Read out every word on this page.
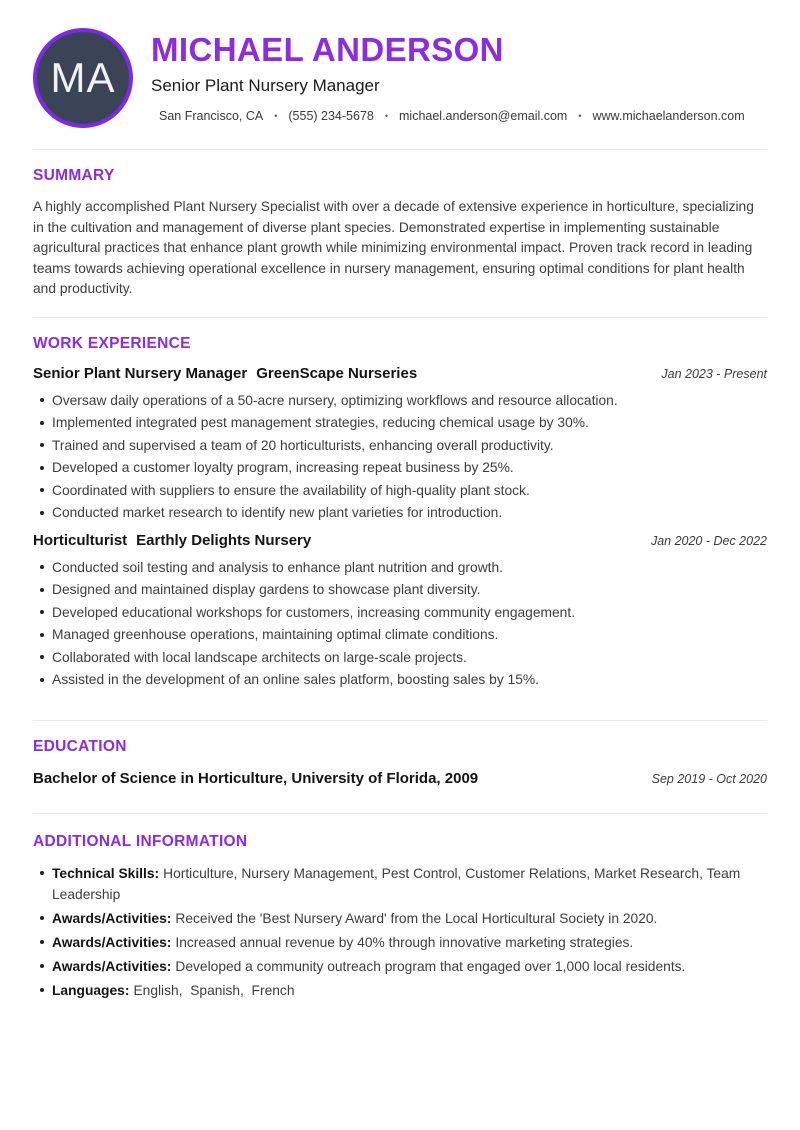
MA
MICHAEL ANDERSON
Senior Plant Nursery Manager
San Francisco, CA • (555) 234-5678 • michael.anderson@email.com • www.michaelanderson.com
SUMMARY

A highly accomplished Plant Nursery Specialist with over a decade of extensive experience in horticulture, specializing in the cultivation and management of diverse plant species. Demonstrated expertise in implementing sustainable agricultural practices that enhance plant growth while minimizing environmental impact. Proven track record in leading teams towards achieving operational excellence in nursery management, ensuring optimal conditions for plant health and productivity.

WORK EXPERIENCE
Senior Plant Nursery Manager GreenScape Nurseries	Jan 2023 - Present
Oversaw daily operations of a 50-acre nursery, optimizing workflows and resource allocation.
Implemented integrated pest management strategies, reducing chemical usage by 30%.
Trained and supervised a team of 20 horticulturists, enhancing overall productivity.
Developed a customer loyalty program, increasing repeat business by 25%.
Coordinated with suppliers to ensure the availability of high-quality plant stock.
Conducted market research to identify new plant varieties for introduction.
Horticulturist Earthly Delights Nursery	Jan 2020 - Dec 2022
Conducted soil testing and analysis to enhance plant nutrition and growth.
Designed and maintained display gardens to showcase plant diversity.
Developed educational workshops for customers, increasing community engagement.
Managed greenhouse operations, maintaining optimal climate conditions.
Collaborated with local landscape architects on large-scale projects.
Assisted in the development of an online sales platform, boosting sales by 15%.
EDUCATION
Bachelor of Science in Horticulture, University of Florida, 2009	Sep 2019 - Oct 2020
ADDITIONAL INFORMATION
Technical Skills: Horticulture, Nursery Management, Pest Control, Customer Relations, Market Research, Team Leadership
Awards/Activities: Received the 'Best Nursery Award' from the Local Horticultural Society in 2020.
Awards/Activities: Increased annual revenue by 40% through innovative marketing strategies.
Awards/Activities: Developed a community outreach program that engaged over 1,000 local residents.
Languages: English,  Spanish,  French
